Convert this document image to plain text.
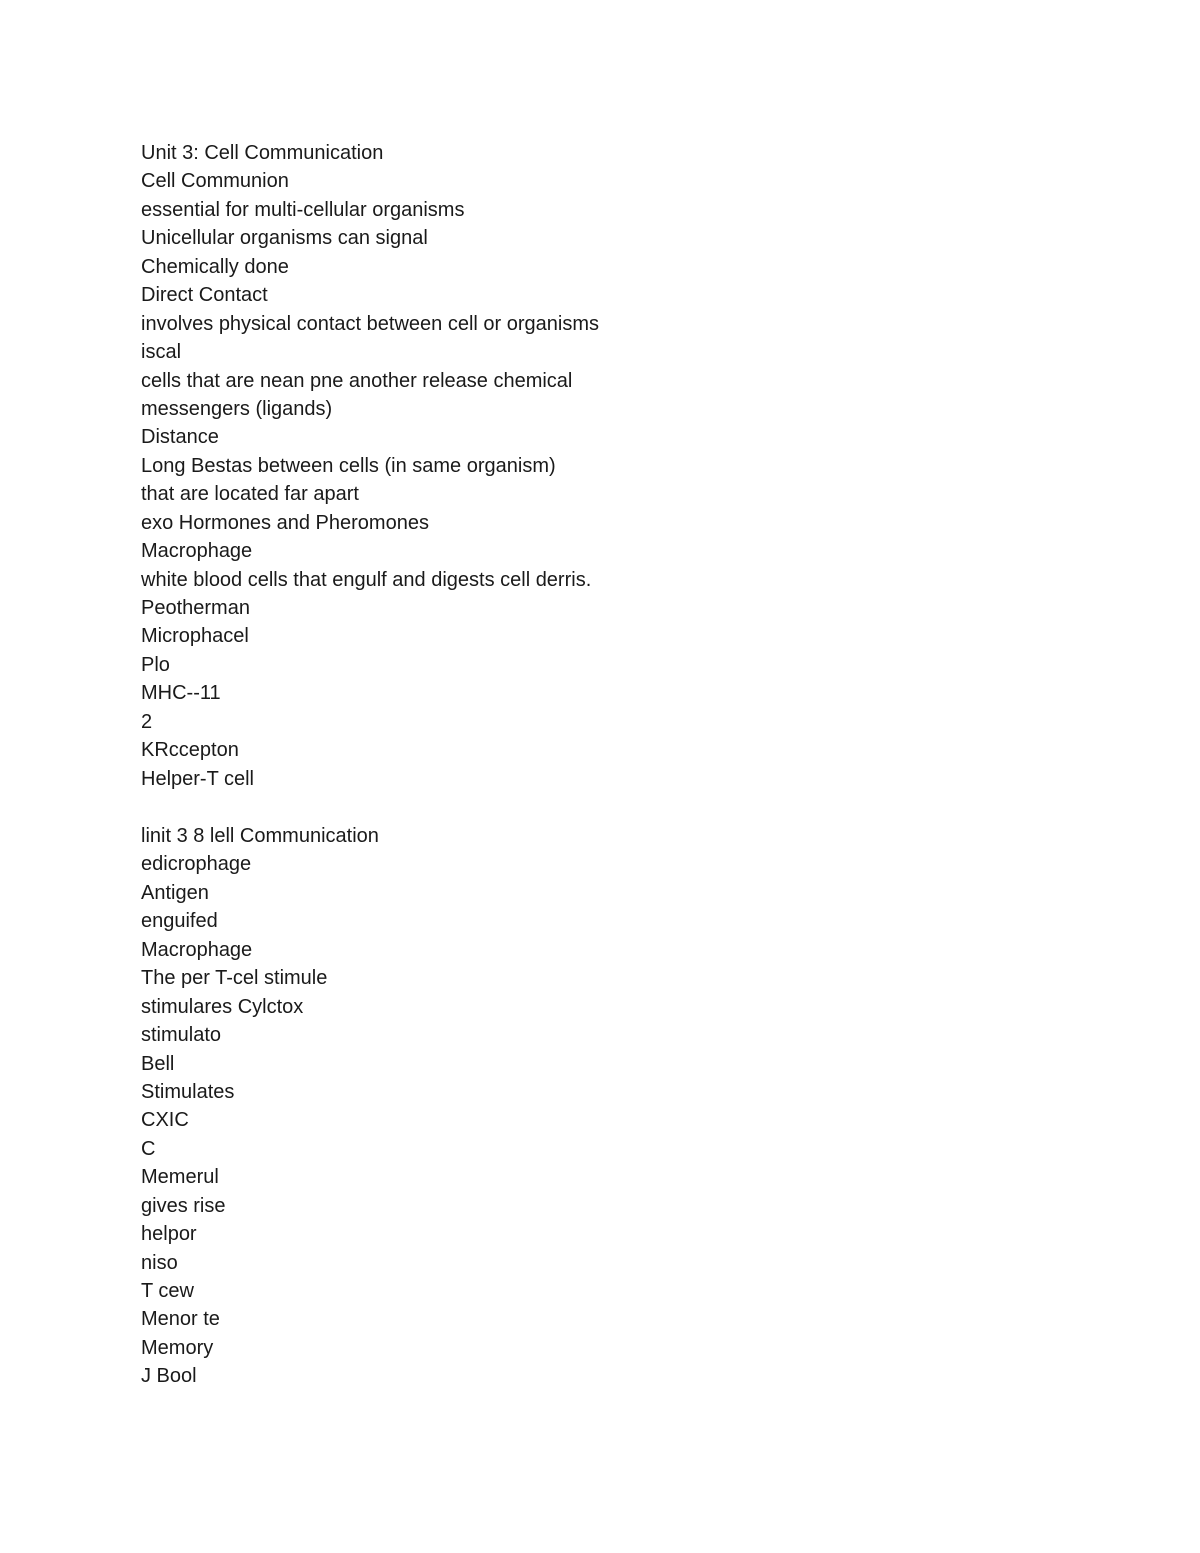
Unit 3: Cell Communication
Cell Communion
essential for multi-cellular organisms
Unicellular organisms can signal
Chemically done
Direct Contact
involves physical contact between cell or organisms
iscal
cells that are nean pne another release chemical
messengers (ligands)
Distance
Long Bestas between cells (in same organism)
that are located far apart
exo Hormones and Pheromones
Macrophage
white blood cells that engulf and digests cell derris.
Peotherman
Microphacel
Plo
MHC--11
2
KRccepton
Helper-T cell
linit 3 8 lell Communication
edicrophage
Antigen
enguifed
Macrophage
The per T-cel stimule
stimulares Cylctox
stimulato
Bell
Stimulates
CXIC
C
Memerul
gives rise
helpor
niso
T cew
Menor te
Memory
J Bool
